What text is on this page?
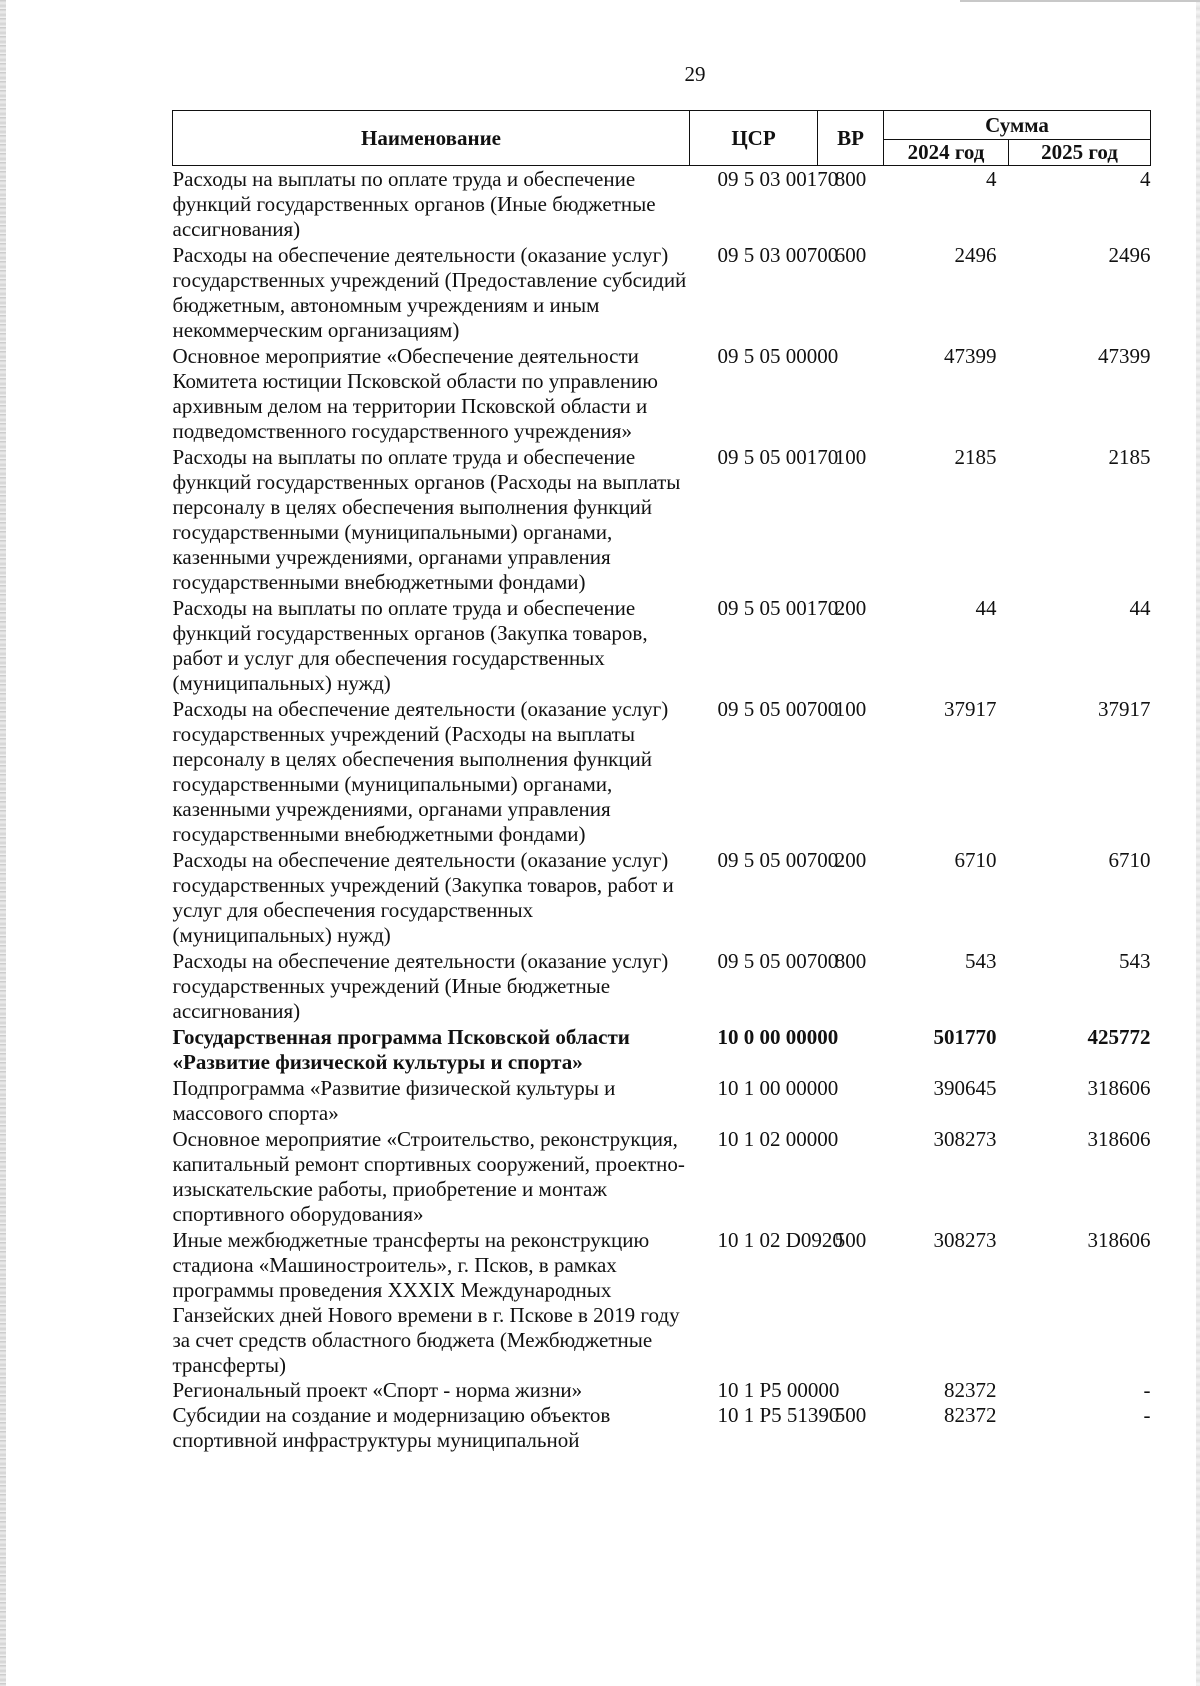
29
Наименование	ЦСР	ВР	Сумма	
			2024 год	2025 год
Расходы на выплаты по оплате труда и обеспечение функций государственных органов (Иные бюджетные ассигнования)	09 5 03 00170	800	4	4
Расходы на обеспечение деятельности (оказание услуг) государственных учреждений (Предоставление субсидий бюджетным, автономным учреждениям и иным некоммерческим организациям)	09 5 03 00700	600	2496	2496
Основное мероприятие «Обеспечение деятельности Комитета юстиции Псковской области по управлению архивным делом на территории Псковской области и подведомственного государственного учреждения»	09 5 05 00000		47399	47399
Расходы на выплаты по оплате труда и обеспечение функций государственных органов (Расходы на выплаты персоналу в целях обеспечения выполнения функций государственными (муниципальными) органами, казенными учреждениями, органами управления государственными внебюджетными фондами)	09 5 05 00170	100	2185	2185
Расходы на выплаты по оплате труда и обеспечение функций государственных органов (Закупка товаров, работ и услуг для обеспечения государственных (муниципальных) нужд)	09 5 05 00170	200	44	44
Расходы на обеспечение деятельности (оказание услуг) государственных учреждений (Расходы на выплаты персоналу в целях обеспечения выполнения функций государственными (муниципальными) органами, казенными учреждениями, органами управления государственными внебюджетными фондами)	09 5 05 00700	100	37917	37917
Расходы на обеспечение деятельности (оказание услуг) государственных учреждений (Закупка товаров, работ и услуг для обеспечения государственных (муниципальных) нужд)	09 5 05 00700	200	6710	6710
Расходы на обеспечение деятельности (оказание услуг) государственных учреждений (Иные бюджетные ассигнования)	09 5 05 00700	800	543	543
Государственная программа Псковской области «Развитие физической культуры и спорта»	10 0 00 00000		501770	425772
Подпрограмма «Развитие физической культуры и массового спорта»	10 1 00 00000		390645	318606
Основное мероприятие «Строительство, реконструкция, капитальный ремонт спортивных сооружений, проектно-изыскательские работы, приобретение и монтаж спортивного оборудования»	10 1 02 00000		308273	318606
Иные межбюджетные трансферты на реконструкцию стадиона «Машиностроитель», г. Псков, в рамках программы проведения XXXIX Международных Ганзейских дней Нового времени в г. Пскове в 2019 году за счет средств областного бюджета (Межбюджетные трансферты)	10 1 02 D0920	500	308273	318606
Региональный проект «Спорт - норма жизни»	10 1 P5 00000		82372	-
Субсидии на создание и модернизацию объектов спортивной инфраструктуры муниципальной	10 1 P5 51390	500	82372	-
